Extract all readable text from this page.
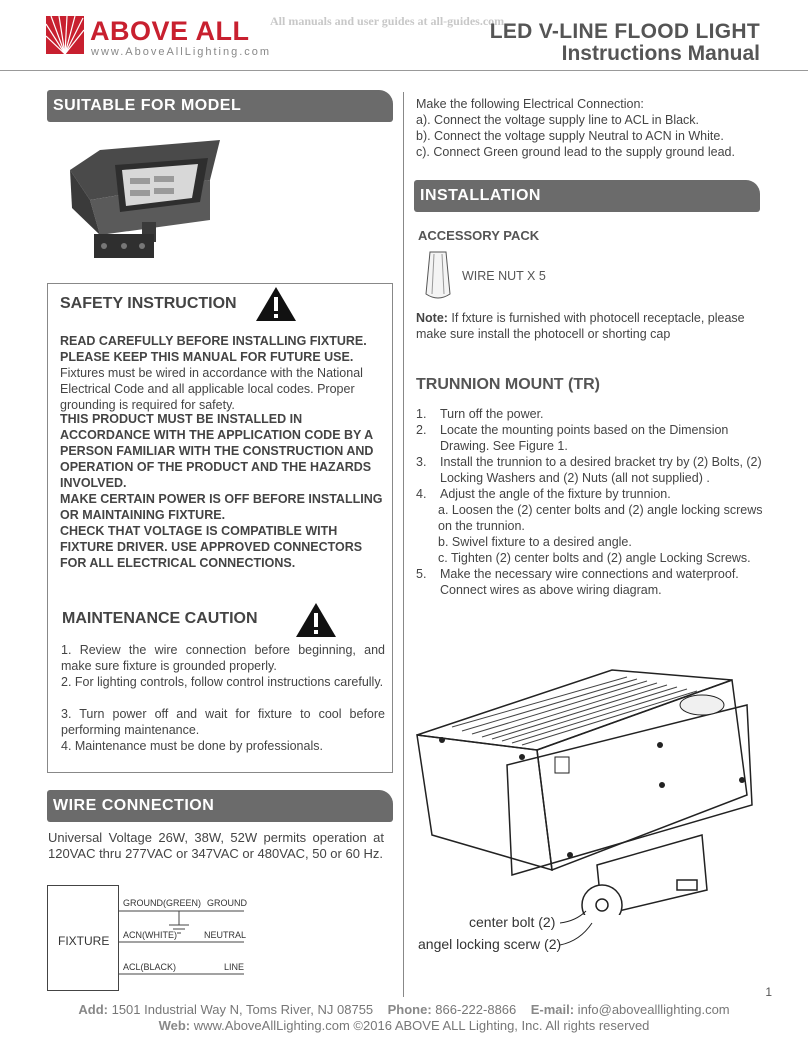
All manuals and user guides at all-guides.com
ABOVE ALL
www.AboveAllLighting.com
LED V-LINE FLOOD LIGHT
Instructions Manual
SUITABLE FOR MODEL
SAFETY INSTRUCTION
READ CAREFULLY BEFORE INSTALLING FIXTURE. PLEASE KEEP THIS MANUAL FOR FUTURE USE.
Fixtures must be wired in accordance with the National Electrical Code and all applicable local codes. Proper grounding is required for safety.
THIS PRODUCT MUST BE INSTALLED IN ACCORDANCE WITH THE APPLICATION CODE BY A PERSON FAMILIAR WITH THE CONSTRUCTION AND OPERATION OF THE PRODUCT AND THE HAZARDS INVOLVED.
MAKE CERTAIN POWER IS OFF BEFORE INSTALLING OR MAINTAINING FIXTURE.
CHECK THAT VOLTAGE IS COMPATIBLE WITH FIXTURE DRIVER. USE APPROVED CONNECTORS FOR ALL ELECTRICAL CONNECTIONS.
MAINTENANCE CAUTION
1. Review the wire connection before beginning, and make sure fixture is grounded properly.
2. For lighting controls, follow control instructions carefully.
3. Turn power off and wait for fixture to cool before performing maintenance.
4. Maintenance must be done by professionals.
WIRE CONNECTION
Universal Voltage 26W, 38W, 52W permits operation at 120VAC thru 277VAC or 347VAC or 480VAC, 50 or 60 Hz.
FIXTURE
GROUND(GREEN) GROUND
ACN(WHITE)	NEUTRAL
ACL(BLACK)	LINE
Make the following Electrical Connection:
a). Connect the voltage supply line to ACL in Black.
b). Connect the voltage supply Neutral to ACN in White.
c). Connect Green ground lead to the supply ground lead.
INSTALLATION
ACCESSORY PACK
WIRE NUT X 5
Note: If fxture is furnished with photocell receptacle, please make sure install the photocell or shorting cap
TRUNNION MOUNT (TR)
1.	Turn off the power.
2.	Locate the mounting points based on the Dimension Drawing. See Figure 1.
3.	Install the trunnion to a desired bracket try by (2) Bolts, (2) Locking Washers and (2) Nuts (all not supplied) .
4.	Adjust the angle of the fixture by trunnion.
a. Loosen the (2) center bolts and (2) angle locking screws on the trunnion.
b. Swivel fixture to a desired angle.
c. Tighten (2) center bolts and (2) angle Locking Screws.
5.	Make the necessary wire connections and waterproof. Connect wires as above wiring diagram.
center bolt (2)
angel locking scerw (2)
1
Add: 1501 Industrial Way N, Toms River, NJ 08755 Phone: 866-222-8866 E-mail: info@abovealllighting.com
Web: www.AboveAllLighting.com ©2016 ABOVE ALL Lighting, Inc. All rights reserved
